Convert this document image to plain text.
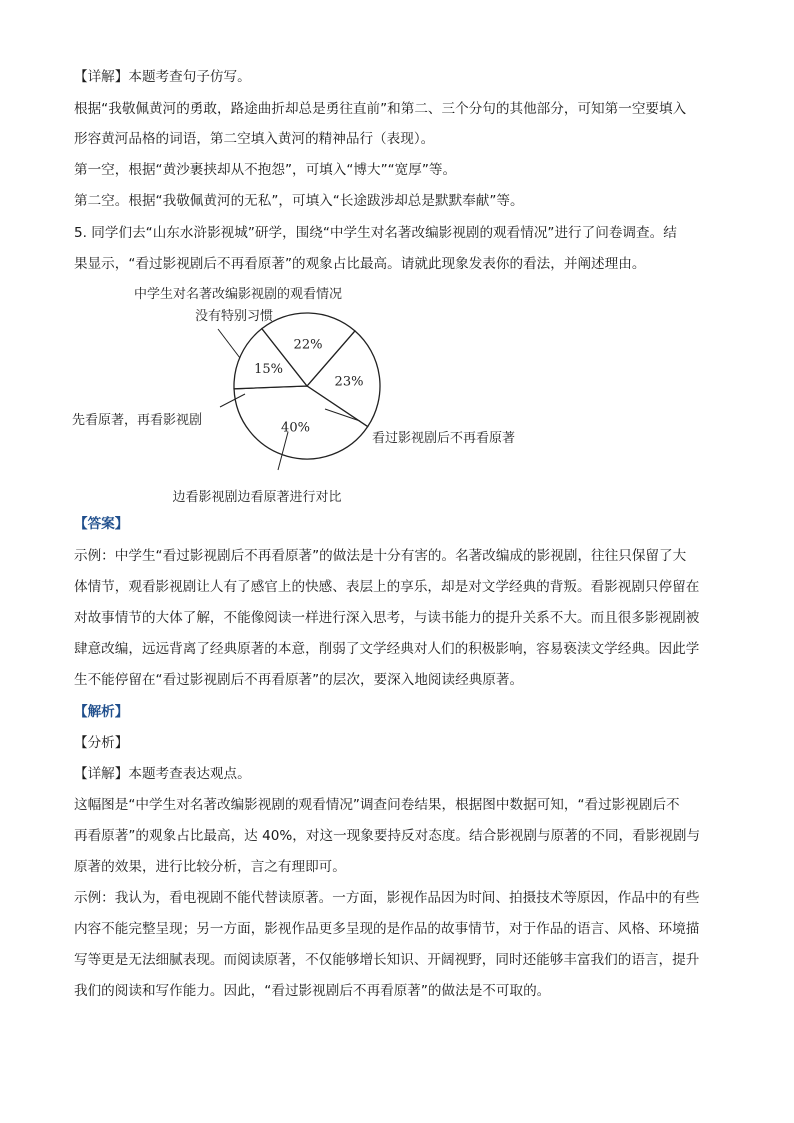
【详解】本题考查句子仿写。
根据“我敬佩黄河的勇敢，路途曲折却总是勇往直前”和第二、三个分句的其他部分，可知第一空要填入
形容黄河品格的词语，第二空填入黄河的精神品行（表现）。
第一空，根据“黄沙裹挟却从不抱怨”，可填入“博大”“宽厚”等。
第二空。根据“我敬佩黄河的无私”，可填入“长途跋涉却总是默默奉献”等。
5. 同学们去“山东水浒影视城”研学，围绕“中学生对名著改编影视剧的观看情况”进行了问卷调查。结
果显示，“看过影视剧后不再看原著”的观象占比最高。请就此现象发表你的看法，并阐述理由。
23%
没有特别习惯
40%
看过影视剧后不再看原著
15%
边看影视剧边看原著进行对比
22%
先看原著，再看影视剧
中学生对名著改编影视剧的观看情况
【答案】
示例：中学生“看过影视剧后不再看原著”的做法是十分有害的。名著改编成的影视剧，往往只保留了大
体情节，观看影视剧让人有了感官上的快感、表层上的享乐，却是对文学经典的背叛。看影视剧只停留在
对故事情节的大体了解，不能像阅读一样进行深入思考，与读书能力的提升关系不大。而且很多影视剧被
肆意改编，远远背离了经典原著的本意，削弱了文学经典对人们的积极影响，容易亵渎文学经典。因此学
生不能停留在“看过影视剧后不再看原著”的层次，要深入地阅读经典原著。
【解析】
【分析】
【详解】本题考查表达观点。
这幅图是“中学生对名著改编影视剧的观看情况”调查问卷结果，根据图中数据可知，“看过影视剧后不
再看原著”的观象占比最高，达 40%，对这一现象要持反对态度。结合影视剧与原著的不同，看影视剧与
原著的效果，进行比较分析，言之有理即可。
示例：我认为，看电视剧不能代替读原著。一方面，影视作品因为时间、拍摄技术等原因，作品中的有些
内容不能完整呈现；另一方面，影视作品更多呈现的是作品的故事情节，对于作品的语言、风格、环境描
写等更是无法细腻表现。而阅读原著，不仅能够增长知识、开阔视野，同时还能够丰富我们的语言，提升
我们的阅读和写作能力。因此，“看过影视剧后不再看原著”的做法是不可取的。
